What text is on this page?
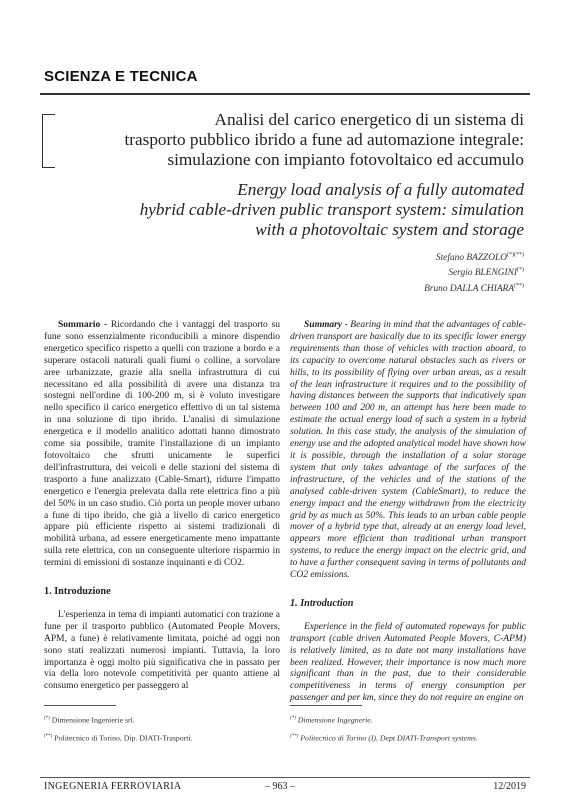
SCIENZA E TECNICA
Analisi del carico energetico di un sistema di
trasporto pubblico ibrido a fune ad automazione integrale:
simulazione con impianto fotovoltaico ed accumulo
Energy load analysis of a fully automated
hybrid cable-driven public transport system: simulation
with a photovoltaic system and storage
Stefano BAZZOLO(*)(**)
Sergio BLENGINI(*)
Bruno DALLA CHIARA(**)

Sommario - Ricordando che i vantaggi del trasporto su fune sono essenzialmente riconducibili a minore dispendio energetico specifico rispetto a quelli con trazione a bordo e a superare ostacoli naturali quali fiumi o colline, a sorvolare aree urbanizzate, grazie alla snella infrastruttura di cui necessitano ed alla possibilità di avere una distanza tra sostegni nell'ordine di 100-200 m, si è voluto investigare nello specifico il carico energetico effettivo di un tal sistema in una soluzione di tipo ibrido. L'analisi di simulazione energetica e il modello analitico adottati hanno dimostrato come sia possibile, tramite l'installazione di un impianto fotovoltaico che sfrutti unicamente le superfici dell'infrastruttura, dei veicoli e delle stazioni del sistema di trasporto a fune analizzato (Cable-Smart), ridurre l'impatto energetico e l'energia prelevata dalla rete elettrica fino a più del 50% in un caso studio. Ciò porta un people mover urbano a fune di tipo ibrido, che già a livello di carico energetico appare più efficiente rispetto ai sistemi tradizionali di mobilità urbana, ad essere energeticamente meno impattante sulla rete elettrica, con un conseguente ulteriore risparmio in termini di emissioni di sostanze inquinanti e di CO2.

1. Introduzione

L'esperienza in tema di impianti automatici con trazione a fune per il trasporto pubblico (Automated People Movers, APM, a fune) è relativamente limitata, poiché ad oggi non sono stati realizzati numerosi impianti. Tuttavia, la loro importanza è oggi molto più significativa che in passato per via della loro notevole competitività per quanto attiene al consumo energetico per passeggero al

Summary - Bearing in mind that the advantages of cable-driven transport are basically due to its specific lower energy requirements than those of vehicles with traction aboard, to its capacity to overcome natural obstacles such as rivers or hills, to its possibility of flying over urban areas, as a result of the lean infrastructure it requires and to the possibility of having distances between the supports that indicatively span between 100 and 200 m, an attempt has here been made to estimate the actual energy load of such a system in a hybrid solution. In this case study, the analysis of the simulation of energy use and the adopted analytical model have shown how it is possible, through the installation of a solar storage system that only takes advantage of the surfaces of the infrastructure, of the vehicles and of the stations of the analysed cable-driven system (CableSmart), to reduce the energy impact and the energy withdrawn from the electricity grid by as much as 50%. This leads to an urban cable people mover of a hybrid type that, already at an energy load level, appears more efficient than traditional urban transport systems, to reduce the energy impact on the electric grid, and to have a further consequent saving in terms of pollutants and CO2 emissions.

1. Introduction

Experience in the field of automated ropeways for public transport (cable driven Automated People Movers, C-APM) is relatively limited, as to date not many installations have been realized. However, their importance is now much more significant than in the past, due to their considerable competitiveness in terms of energy consumption per passenger and per km, since they do not require an engine on

(*) Dimensione Ingenierie srl.
(**) Politecnico di Torino, Dip. DIATI-Trasporti.
(*) Dimensione Ingegnerie.
(**) Politecnico di Torino (I), Dept DIATI-Transport systems.
INGEGNERIA FERROVIARIA	– 963 –	12/2019
